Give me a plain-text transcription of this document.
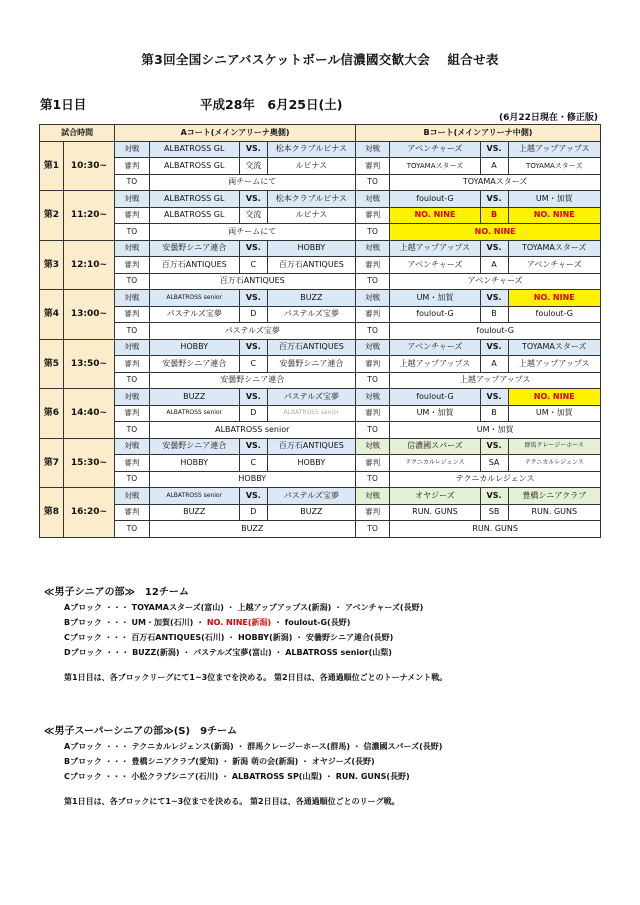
第3回全国シニアバスケットボール信濃國交歓大会　 組合せ表
第1日目	平成28年　6月25日(土)
(6月22日現在・修正版)
試合時間		Aコート(メインアリーナ奥側)				Bコート(メインアリーナ中側)			
第1	10:30~	対戦	ALBATROSS GL	VS.	松本クラブルピナス	対戦	アベンチャーズ	VS.	上越アップアップス
		審判	ALBATROSS GL	交流	ルピナス	審判	TOYAMAスターズ	A	TOYAMAスターズ
		TO	両チームにて			TO	TOYAMAスターズ		
第2	11:20~	対戦	ALBATROSS GL	VS.	松本クラブルピナス	対戦	foulout-G	VS.	UM・加賀
		審判	ALBATROSS GL	交流	ルピナス	審判	NO. NINE	B	NO. NINE
		TO	両チームにて			TO	NO. NINE		
第3	12:10~	対戦	安曇野シニア連合	VS.	HOBBY	対戦	上越アップアップス	VS.	TOYAMAスターズ
		審判	百万石ANTIQUES	C	百万石ANTIQUES	審判	アベンチャーズ	A	アベンチャーズ
		TO	百万石ANTIQUES			TO	アベンチャーズ		
第4	13:00~	対戦	ALBATROSS senior	VS.	BUZZ	対戦	UM・加賀	VS.	NO. NINE
		審判	パステルズ宝夢	D	パステルズ宝夢	審判	foulout-G	B	foulout-G
		TO	パステルズ宝夢			TO	foulout-G		
第5	13:50~	対戦	HOBBY	VS.	百万石ANTIQUES	対戦	アベンチャーズ	VS.	TOYAMAスターズ
		審判	安曇野シニア連合	C	安曇野シニア連合	審判	上越アップアップス	A	上越アップアップス
		TO	安曇野シニア連合			TO	上越アップアップス		
第6	14:40~	対戦	BUZZ	VS.	パステルズ宝夢	対戦	foulout-G	VS.	NO. NINE
		審判	ALBATROSS senior	D	ALBATROSS senior	審判	UM・加賀	B	UM・加賀
		TO	ALBATROSS senior			TO	UM・加賀		
第7	15:30~	対戦	安曇野シニア連合	VS.	百万石ANTIQUES	対戦	信濃國スパーズ	VS.	群馬クレージーホース
		審判	HOBBY	C	HOBBY	審判	テクニカルレジェンス	SA	テクニカルレジェンス
		TO	HOBBY			TO	テクニカルレジェンス		
第8	16:20~	対戦	ALBATROSS senior	VS.	パステルズ宝夢	対戦	オヤジーズ	VS.	豊橋シニアクラブ
		審判	BUZZ	D	BUZZ	審判	RUN. GUNS	SB	RUN. GUNS
		TO	BUZZ			TO	RUN. GUNS		
≪男子シニアの部≫　12チーム
Aブロック ・・・ TOYAMAスターズ(富山) ・ 上越アップアップス(新潟) ・ アベンチャーズ(長野)
Bブロック ・・・ UM・加賀(石川) ・ NO. NINE(新潟) ・ foulout-G(長野)
Cブロック ・・・ 百万石ANTIQUES(石川) ・ HOBBY(新潟) ・ 安曇野シニア連合(長野)
Dブロック ・・・ BUZZ(新潟) ・ パステルズ宝夢(富山) ・ ALBATROSS senior(山梨)
第1日目は、各ブロックリーグにて1~3位までを決める。 第2日目は、各通過順位ごとのトーナメント戦。
≪男子スーパーシニアの部≫(S)　9チーム
Aブロック ・・・ テクニカルレジェンス(新潟) ・ 群馬クレージーホース(群馬) ・ 信濃國スパーズ(長野)
Bブロック ・・・ 豊橋シニアクラブ(愛知) ・ 新潟 萌の会(新潟) ・ オヤジーズ(長野)
Cブロック ・・・ 小松クラブシニア(石川) ・ ALBATROSS SP(山梨) ・ RUN. GUNS(長野)
第1日目は、各ブロックにて1~3位までを決める。 第2日目は、各通過順位ごとのリーグ戦。
